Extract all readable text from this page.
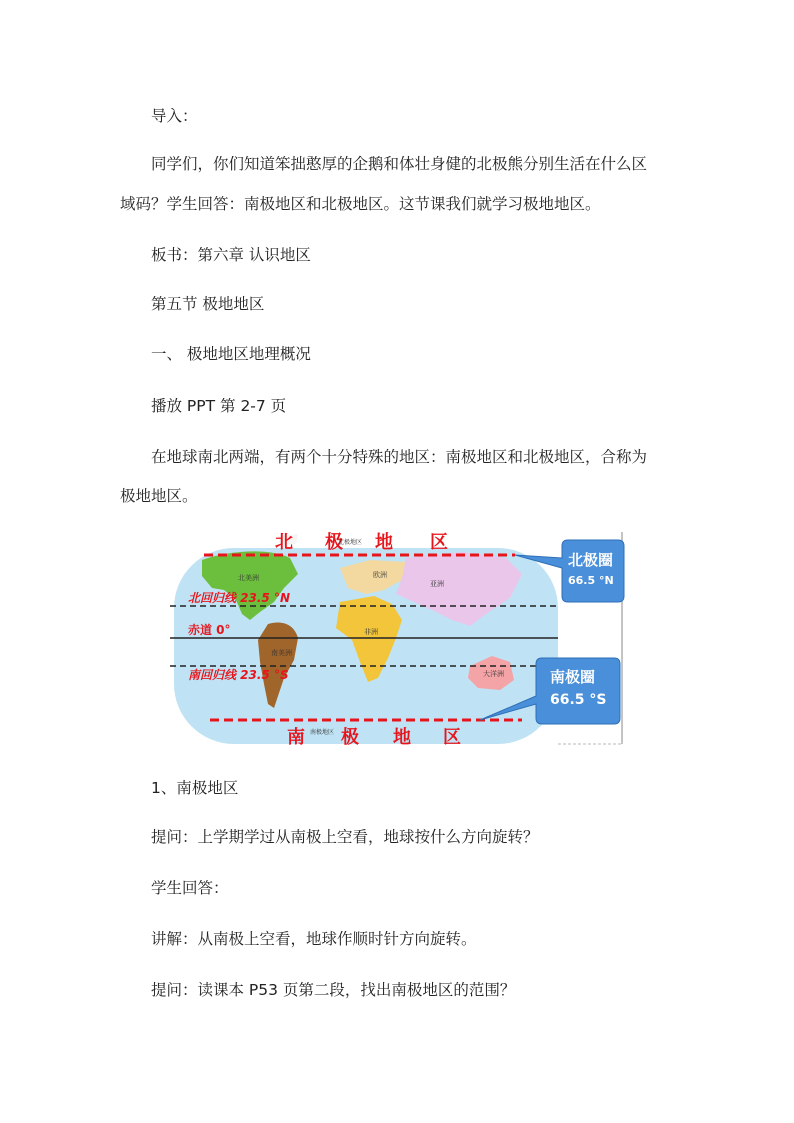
导入：
同学们，你们知道笨拙憨厚的企鹅和体壮身健的北极熊分别生活在什么区
域码？学生回答：南极地区和北极地区。这节课我们就学习极地地区。
板书：第六章 认识地区
第五节 极地地区
一、 极地地区地理概况
播放 PPT 第 2-7 页
在地球南北两端，有两个十分特殊的地区：南极地区和北极地区，合称为
极地地区。
北美洲	欧洲
亚洲
非洲
南美洲
大洋洲
北 极 地 区
北极地区
南 极 地 区
南极地区
北回归线 23.5 °N
赤道 0°
南回归线 23.5 °S
北极圈
66.5 °N
南极圈
66.5 °S
1、南极地区
提问：上学期学过从南极上空看，地球按什么方向旋转？
学生回答：
讲解：从南极上空看，地球作顺时针方向旋转。
提问：读课本 P53 页第二段，找出南极地区的范围？
